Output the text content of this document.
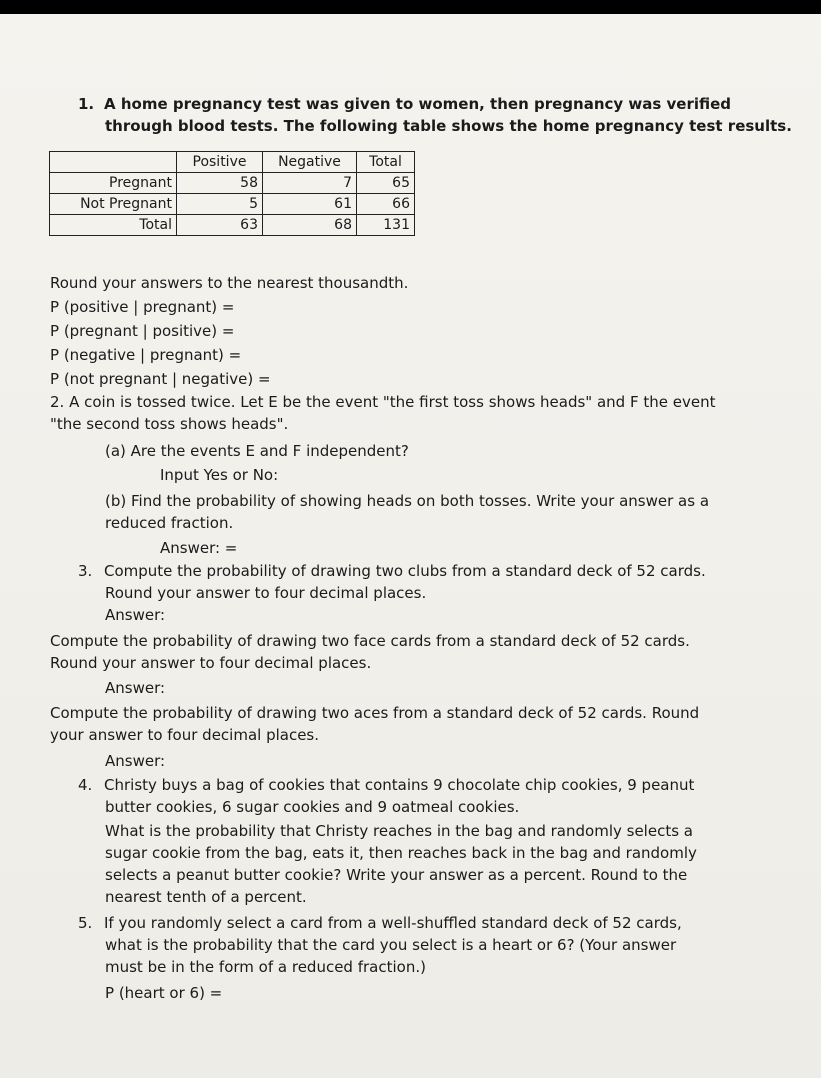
1. A home pregnancy test was given to women, then pregnancy was verified
through blood tests. The following table shows the home pregnancy test results.
	Positive	Negative	Total
Pregnant	58	7	65
Not Pregnant	5	61	66
Total	63	68	131
Round your answers to the nearest thousandth.
P (positive | pregnant) =
P (pregnant | positive) =
P (negative | pregnant) =
P (not pregnant | negative) =
2. A coin is tossed twice. Let E be the event "the first toss shows heads" and F the event
"the second toss shows heads".
(a) Are the events E and F independent?
Input Yes or No:
(b) Find the probability of showing heads on both tosses. Write your answer as a
reduced fraction.
Answer: =
3. Compute the probability of drawing two clubs from a standard deck of 52 cards.
Round your answer to four decimal places.
Answer:
Compute the probability of drawing two face cards from a standard deck of 52 cards.
Round your answer to four decimal places.
Answer:
Compute the probability of drawing two aces from a standard deck of 52 cards. Round
your answer to four decimal places.
Answer:
4. Christy buys a bag of cookies that contains 9 chocolate chip cookies, 9 peanut
butter cookies, 6 sugar cookies and 9 oatmeal cookies.
What is the probability that Christy reaches in the bag and randomly selects a
sugar cookie from the bag, eats it, then reaches back in the bag and randomly
selects a peanut butter cookie? Write your answer as a percent. Round to the
nearest tenth of a percent.
5. If you randomly select a card from a well-shuffled standard deck of 52 cards,
what is the probability that the card you select is a heart or 6? (Your answer
must be in the form of a reduced fraction.)
P (heart or 6) =
